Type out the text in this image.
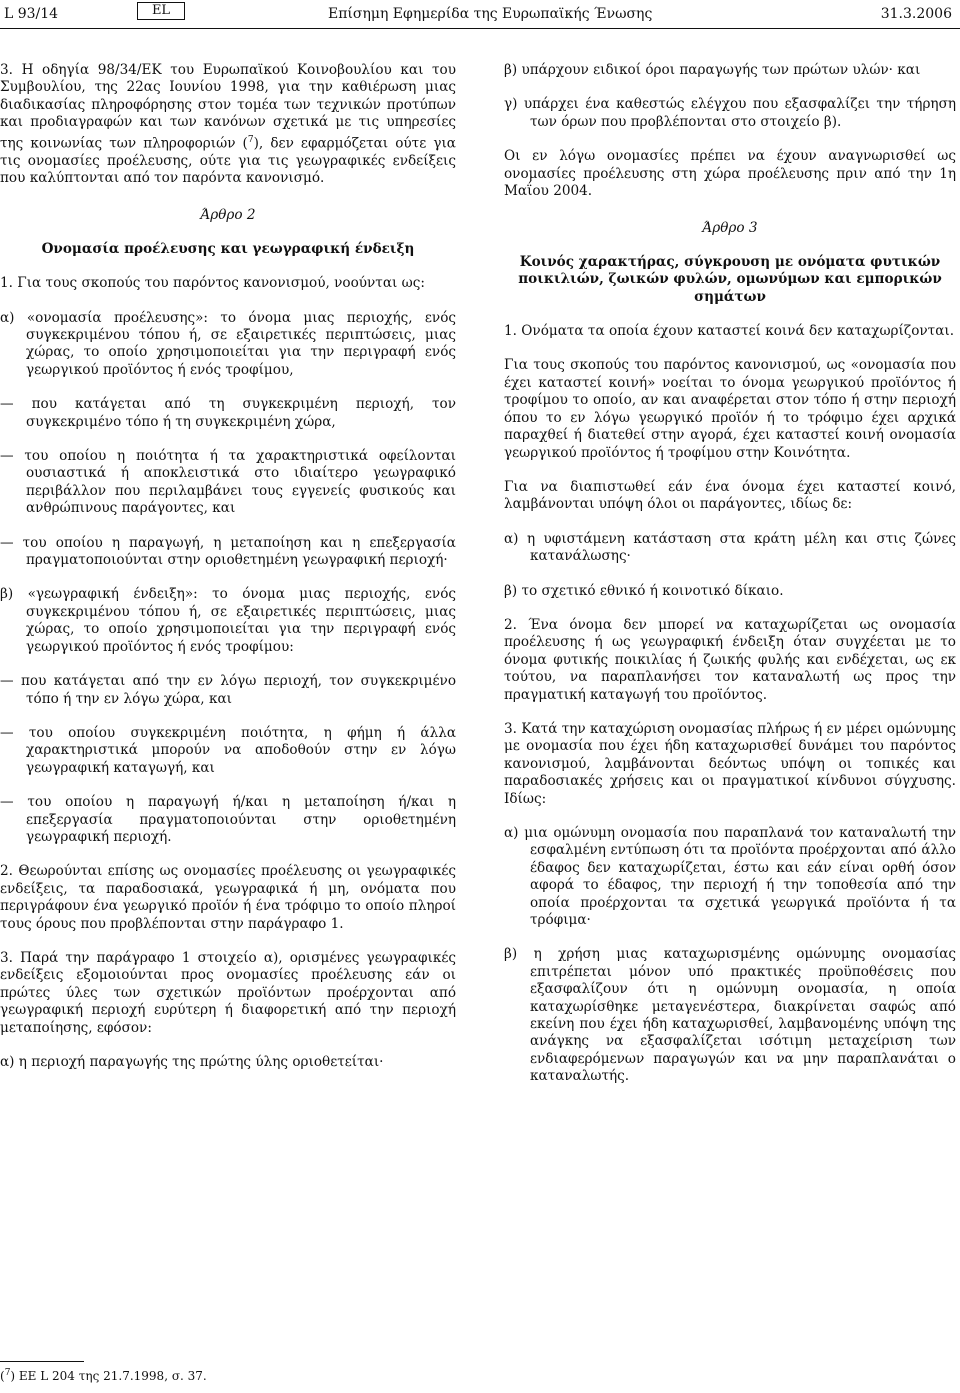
L 93/14	EL	Επίσημη Εφημερίδα της Ευρωπαϊκής Ένωσης	31.3.2006

3. Η οδηγία 98/34/ΕΚ του Ευρωπαϊκού Κοινοβουλίου και του Συμβουλίου, της 22ας Ιουνίου 1998, για την καθιέρωση μιας διαδικασίας πληροφόρησης στον τομέα των τεχνικών προτύπων και προδιαγραφών και των κανόνων σχετικά με τις υπηρεσίες της κοινωνίας των πληροφοριών ($^7$), δεν εφαρμόζεται ούτε για τις ονομασίες προέλευσης, ούτε για τις γεωγραφικές ενδείξεις που καλύπτονται από τον παρόντα κανονισμό.

Άρθρο 2

Ονομασία προέλευσης και γεωγραφική ένδειξη

1. Για τους σκοπούς του παρόντος κανονισμού, νοούνται ως:

α) «ονομασία προέλευσης»: το όνομα μιας περιοχής, ενός συγκεκριμένου τόπου ή, σε εξαιρετικές περιπτώσεις, μιας χώρας, το οποίο χρησιμοποιείται για την περιγραφή ενός γεωργικού προϊόντος ή ενός τροφίμου,

— που κατάγεται από τη συγκεκριμένη περιοχή, τον συγκεκριμένο τόπο ή τη συγκεκριμένη χώρα,

— του οποίου η ποιότητα ή τα χαρακτηριστικά οφείλονται ουσιαστικά ή αποκλειστικά στο ιδιαίτερο γεωγραφικό περιβάλλον που περιλαμβάνει τους εγγενείς φυσικούς και ανθρώπινους παράγοντες, και

— του οποίου η παραγωγή, η μεταποίηση και η επεξεργασία πραγματοποιούνται στην οριοθετημένη γεωγραφική περιοχή·

β) «γεωγραφική ένδειξη»: το όνομα μιας περιοχής, ενός συγκεκριμένου τόπου ή, σε εξαιρετικές περιπτώσεις, μιας χώρας, το οποίο χρησιμοποιείται για την περιγραφή ενός γεωργικού προϊόντος ή ενός τροφίμου:

— που κατάγεται από την εν λόγω περιοχή, τον συγκεκριμένο τόπο ή την εν λόγω χώρα, και

— του οποίου συγκεκριμένη ποιότητα, η φήμη ή άλλα χαρακτηριστικά μπορούν να αποδοθούν στην εν λόγω γεωγραφική καταγωγή, και

— του οποίου η παραγωγή ή/και η μεταποίηση ή/και η επεξεργασία πραγματοποιούνται στην οριοθετημένη γεωγραφική περιοχή.

2. Θεωρούνται επίσης ως ονομασίες προέλευσης οι γεωγραφικές ενδείξεις, τα παραδοσιακά, γεωγραφικά ή μη, ονόματα που περιγράφουν ένα γεωργικό προϊόν ή ένα τρόφιμο το οποίο πληροί τους όρους που προβλέπονται στην παράγραφο 1.

3. Παρά την παράγραφο 1 στοιχείο α), ορισμένες γεωγραφικές ενδείξεις εξομοιούνται προς ονομασίες προέλευσης εάν οι πρώτες ύλες των σχετικών προϊόντων προέρχονται από γεωγραφική περιοχή ευρύτερη ή διαφορετική από την περιοχή μεταποίησης, εφόσον:

α) η περιοχή παραγωγής της πρώτης ύλης οριοθετείται·

($^7$) ΕΕ L 204 της 21.7.1998, σ. 37.

β) υπάρχουν ειδικοί όροι παραγωγής των πρώτων υλών· και

γ) υπάρχει ένα καθεστώς ελέγχου που εξασφαλίζει την τήρηση των όρων που προβλέπονται στο στοιχείο β).

Οι εν λόγω ονομασίες πρέπει να έχουν αναγνωρισθεί ως ονομασίες προέλευσης στη χώρα προέλευσης πριν από την 1η Μαΐου 2004.

Άρθρο 3

Κοινός χαρακτήρας, σύγκρουση με ονόματα φυτικών ποικιλιών, ζωικών φυλών, ομωνύμων και εμπορικών σημάτων

1. Ονόματα τα οποία έχουν καταστεί κοινά δεν καταχωρίζονται.

Για τους σκοπούς του παρόντος κανονισμού, ως «ονομασία που έχει καταστεί κοινή» νοείται το όνομα γεωργικού προϊόντος ή τροφίμου το οποίο, αν και αναφέρεται στον τόπο ή στην περιοχή όπου το εν λόγω γεωργικό προϊόν ή το τρόφιμο έχει αρχικά παραχθεί ή διατεθεί στην αγορά, έχει καταστεί κοινή ονομασία γεωργικού προϊόντος ή τροφίμου στην Κοινότητα.

Για να διαπιστωθεί εάν ένα όνομα έχει καταστεί κοινό, λαμβάνονται υπόψη όλοι οι παράγοντες, ιδίως δε:

α) η υφιστάμενη κατάσταση στα κράτη μέλη και στις ζώνες κατανάλωσης·

β) το σχετικό εθνικό ή κοινοτικό δίκαιο.

2. Ένα όνομα δεν μπορεί να καταχωρίζεται ως ονομασία προέλευσης ή ως γεωγραφική ένδειξη όταν συγχέεται με το όνομα φυτικής ποικιλίας ή ζωικής φυλής και ενδέχεται, ως εκ τούτου, να παραπλανήσει τον καταναλωτή ως προς την πραγματική καταγωγή του προϊόντος.

3. Κατά την καταχώριση ονομασίας πλήρως ή εν μέρει ομώνυμης με ονομασία που έχει ήδη καταχωρισθεί δυνάμει του παρόντος κανονισμού, λαμβάνονται δεόντως υπόψη οι τοπικές και παραδοσιακές χρήσεις και οι πραγματικοί κίνδυνοι σύγχυσης. Ιδίως:

α) μια ομώνυμη ονομασία που παραπλανά τον καταναλωτή την εσφαλμένη εντύπωση ότι τα προϊόντα προέρχονται από άλλο έδαφος δεν καταχωρίζεται, έστω και εάν είναι ορθή όσον αφορά το έδαφος, την περιοχή ή την τοποθεσία από την οποία προέρχονται τα σχετικά γεωργικά προϊόντα ή τα τρόφιμα·

β) η χρήση μιας καταχωρισμένης ομώνυμης ονομασίας επιτρέπεται μόνον υπό πρακτικές προϋποθέσεις που εξασφαλίζουν ότι η ομώνυμη ονομασία, η οποία καταχωρίσθηκε μεταγενέστερα, διακρίνεται σαφώς από εκείνη που έχει ήδη καταχωρισθεί, λαμβανομένης υπόψη της ανάγκης να εξασφαλίζεται ισότιμη μεταχείριση των ενδιαφερόμενων παραγωγών και να μην παραπλανάται ο καταναλωτής.
